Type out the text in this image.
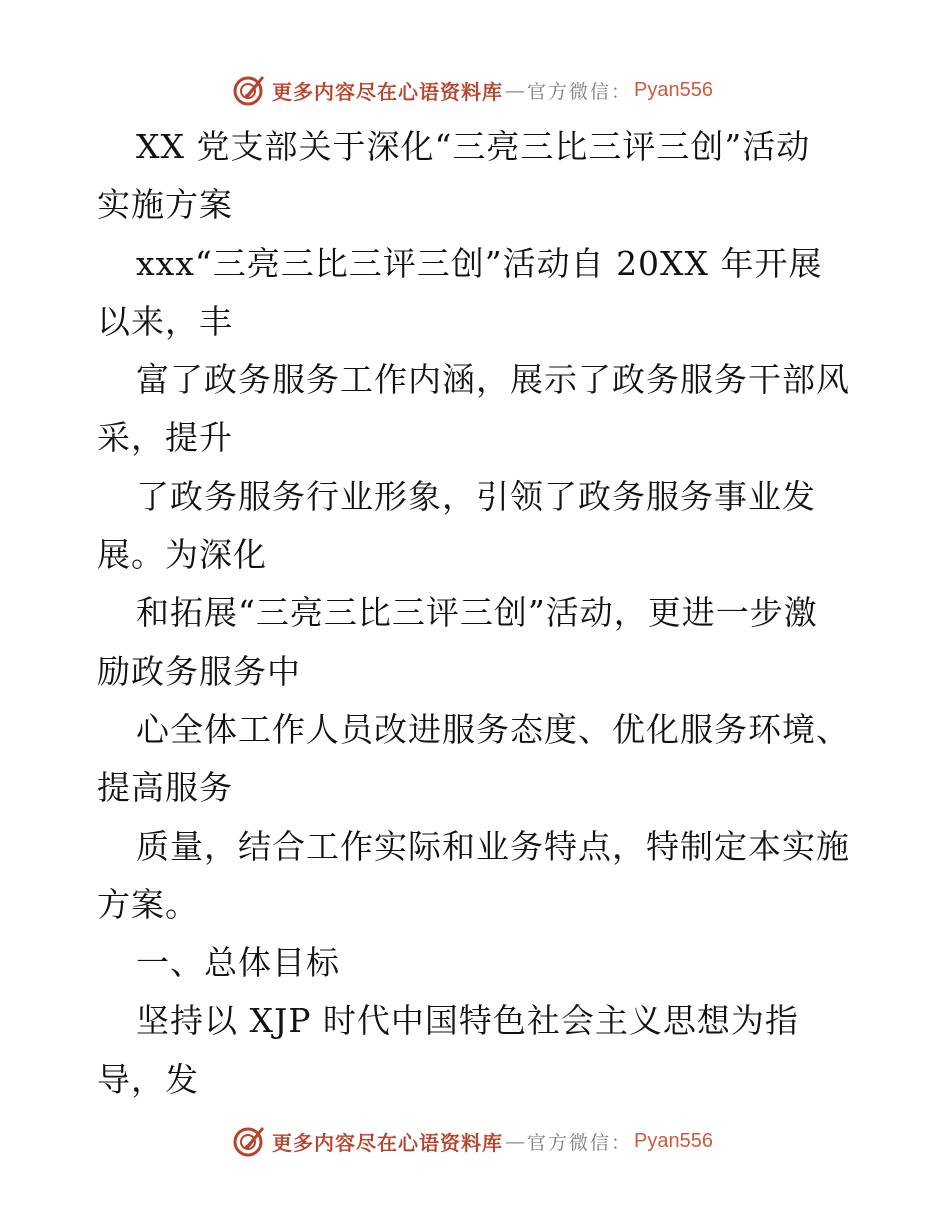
更多内容尽在心语资料库 — 官方微信： Pyan556
XX 党支部关于深化“三亮三比三评三创”活动
实施方案
xxx“三亮三比三评三创”活动自 20XX 年开展
以来，丰
富了政务服务工作内涵，展示了政务服务干部风
采，提升
了政务服务行业形象，引领了政务服务事业发
展。为深化
和拓展“三亮三比三评三创”活动，更进一步激
励政务服务中
心全体工作人员改进服务态度、优化服务环境、
提高服务
质量，结合工作实际和业务特点，特制定本实施
方案。
一、总体目标
坚持以 XJP 时代中国特色社会主义思想为指
导，发
更多内容尽在心语资料库 — 官方微信： Pyan556
